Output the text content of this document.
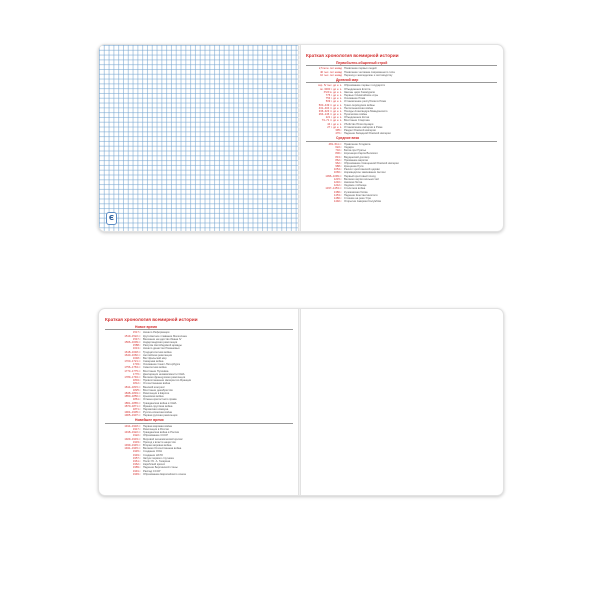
Є
Краткая хронология всемирной истории
Первобытно-общинный строй
2,5 млн. лет назад Появление первых людей
40 тыс. лет назад Появление человека современного типа
10 тыс. лет назад Переход к земледелию и скотоводству
Древний мир
сер. IV тыс. до н. э. Образование первых государств
ок. 3000 г. до н. э. Объединение Египта
XVIII в. до н. э. Законы царя Хаммурапи
776 г. до н. э. Первые Олимпийские игры
753 г. до н. э. Основание Рима
509 г. до н. э. Установление республики в Риме
500–449 гг. до н. э. Греко-персидские войны
431–404 гг. до н. э. Пелопоннесская война
336–323 гг. до н. э. Походы Александра Македонского
264–146 гг. до н. э. Пунические войны
221 г. до н. э. Объединение Китая
73–71 гг. до н. э. Восстание Спартака
44 г. до н. э. Убийство Юлия Цезаря
27 г. до н. э. Установление империи в Риме
395 г. Раздел Римской империи
476 г. Падение Западной Римской империи
Средние века
481–511 гг. Правление Хлодвига
622 г. Хиджра
732 г. Битва при Пуатье
800 г. Коронация Карла Великого
843 г. Верденский договор
862 г. Призвание варягов
962 г. Образование Священной Римской империи
988 г. Крещение Руси
1054 г. Раскол христианской церкви
1066 г. Нормандское завоевание Англии
1096–1099 гг. Первый крестовый поход
1215 г. Великая хартия вольностей
1240 г. Невская битва
1242 г. Ледовое побоище
1337–1453 гг. Столетняя война
1380 г. Куликовская битва
1453 г. Падение Константинополя
1480 г. Стояние на реке Угре
1492 г. Открытие Америки Колумбом
Краткая хронология всемирной истории
Новое время
1517 г. Начало Реформации
1519–1522 гг. Кругосветное плавание Магеллана
1547 г. Венчание на царство Ивана IV
1566–1609 гг. Нидерландская революция
1588 г. Разгром Непобедимой армады
1613 г. Начало династии Романовых
1618–1648 гг. Тридцатилетняя война
1640–1660 гг. Английская революция
1648 г. Вестфальский мир
1700–1721 гг. Северная война
1703 г. Основание Санкт-Петербурга
1756–1763 гг. Семилетняя война
1773–1775 гг. Восстание Пугачёва
1776 г. Декларация независимости США
1789–1794 гг. Великая французская революция
1804 г. Провозглашение империи во Франции
1812 г. Отечественная война
1814–1815 гг. Венский конгресс
1825 г. Восстание декабристов
1848–1849 гг. Революции в Европе
1853–1856 гг. Крымская война
1861 г. Отмена крепостного права
1861–1865 гг. Гражданская война в США
1870–1871 гг. Франко-прусская война
1871 г. Парижская коммуна
1904–1905 гг. Русско-японская война
1905–1907 гг. Первая русская революция
Новейшее время
1914–1918 гг. Первая мировая война
1917 г. Революция в России
1918–1922 гг. Гражданская война в России
1922 г. Образование СССР
1929–1933 гг. Мировой экономический кризис
1933 г. Приход к власти нацистов
1939–1945 гг. Вторая мировая война
1941–1945 гг. Великая Отечественная война
1945 г. Создание ООН
1949 г. Создание НАТО
1957 г. Запуск первого спутника
1961 г. Полёт Ю. А. Гагарина
1962 г. Карибский кризис
1989 г. Падение Берлинской стены
1991 г. Распад СССР
1993 г. Образование Европейского союза
